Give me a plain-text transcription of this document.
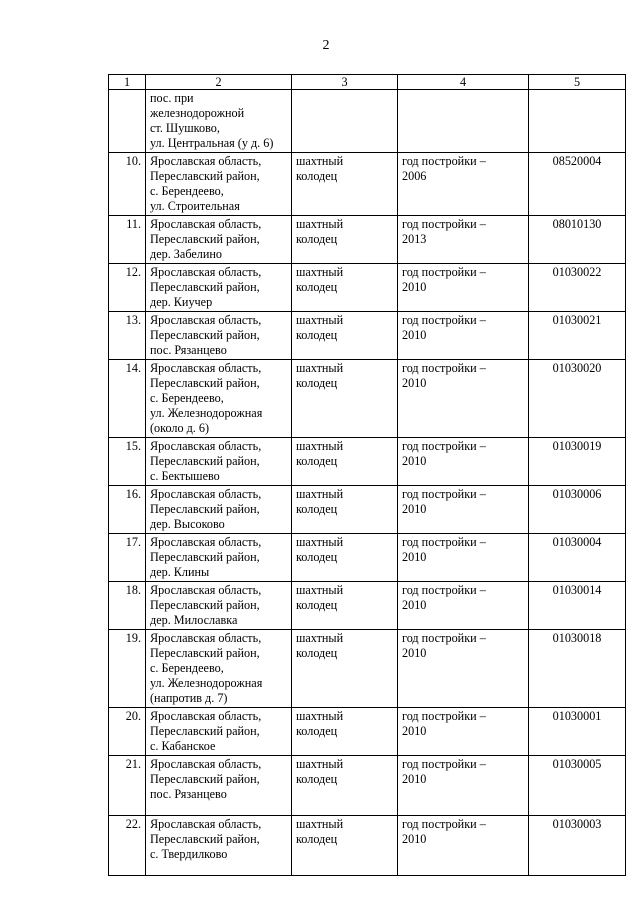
2
1	2	3	4	5

	пос. при
железнодорожной
ст. Шушково,
ул. Центральная (у д. 6)			

10.	Ярославская область,
Переславский район,
с. Берендеево,
ул. Строительная	шахтный
колодец	год постройки –
2006	08520004
11.	Ярославская область,
Переславский район,
дер. Забелино	шахтный
колодец	год постройки –
2013	08010130
12.	Ярославская область,
Переславский район,
дер. Киучер	шахтный
колодец	год постройки –
2010	01030022
13.	Ярославская область,
Переславский район,
пос. Рязанцево	шахтный
колодец	год постройки –
2010	01030021
14.	Ярославская область,
Переславский район,
с. Берендеево,
ул. Железнодорожная
(около д. 6)	шахтный
колодец	год постройки –
2010	01030020
15.	Ярославская область,
Переславский район,
с. Бектышево	шахтный
колодец	год постройки –
2010	01030019
16.	Ярославская область,
Переславский район,
дер. Высоково	шахтный
колодец	год постройки –
2010	01030006
17.	Ярославская область,
Переславский район,
дер. Клины	шахтный
колодец	год постройки –
2010	01030004
18.	Ярославская область,
Переславский район,
дер. Милославка	шахтный
колодец	год постройки –
2010	01030014
19.	Ярославская область,
Переславский район,
с. Берендеево,
ул. Железнодорожная
(напротив д. 7)	шахтный
колодец	год постройки –
2010	01030018
20.	Ярославская область,
Переславский район,
с. Кабанское	шахтный
колодец	год постройки –
2010	01030001
21.	Ярославская область,
Переславский район,
пос. Рязанцево	шахтный
колодец	год постройки –
2010	01030005
22.	Ярославская область,
Переславский район,
с. Твердилково	шахтный
колодец	год постройки –
2010	01030003
